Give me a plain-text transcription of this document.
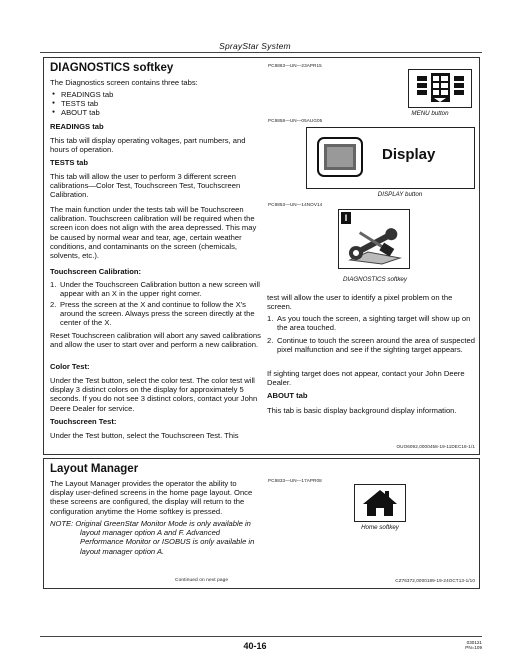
SprayStar System
DIAGNOSTICS softkey
The Diagnostics screen contains three tabs:
● READINGS tab
● TESTS tab
● ABOUT tab
READINGS tab
This tab will display operating voltages, part numbers, and hours of operation.
TESTS tab
This tab will allow the user to perform 3 different screen calibrations—Color Test, Touchscreen Test, Touchscreen Calibration.
The main function under the tests tab will be Touchscreen calibration. Touchscreen calibration will be required when the screen icon does not align with the area depressed. This may be caused by normal wear and tear, age, certain weather conditions, and contaminants on the screen (chemicals, solvents, etc.).
Touchscreen Calibration:
1. Under the Touchscreen Calibration button a new screen will appear with an X in the upper right corner.
2. Press the screen at the X and continue to follow the X's around the screen. Always press the screen directly at the center of the X.
Reset Touchscreen calibration will abort any saved calibrations and allow the user to start over and perform a new calibration.
Color Test:
Under the Test button, select the color test. The color test will display 3 distinct colors on the display for approximately 5 seconds. If you do not see 3 distinct colors, contact your John Deere Dealer for service.
Touchscreen Test:
Under the Test button, select the Touchscreen Test. This
PC8863—UN—23APR15
MENU button
PC8858—UN—05AUG05
Display
DISPLAY button
PC8853—UN—14NOV14
I
DIAGNOSTICS softkey
test will allow the user to identify a pixel problem on the screen.
1. As you touch the screen, a sighting target will show up on the area touched.
2. Continue to touch the screen around the area of suspected pixel malfunction and see if the sighting target appears.
If sighting target does not appear, contact your John Deere Dealer.
ABOUT tab
This tab is basic display background display information.
OUO6092,0000458-19-11DEC18-1/1
Layout Manager
The Layout Manager provides the operator the ability to display user-defined screens in the home page layout. Once these screens are configured, the display will return to the configuration anytime the Home softkey is pressed.
NOTE: Original GreenStar Monitor Mode is only available in
layout manager option A and F. Advanced
Performance Monitor or ISOBUS is only available in
layout manager option A.
Continued on next page
PC8833—UN—17APR08
Home softkey
CZ76372,0000189-19-24OCT13-1/10
40-16	030121
PN=109
